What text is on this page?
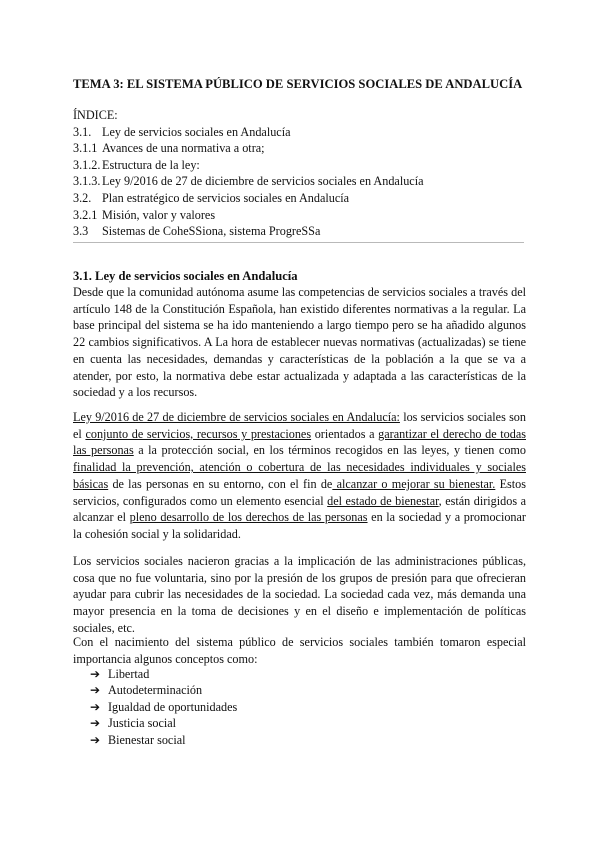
TEMA 3: EL SISTEMA PÚBLICO DE SERVICIOS SOCIALES DE ANDALUCÍA
ÍNDICE:
3.1. Ley de servicios sociales en Andalucía
3.1.1 Avances de una normativa a otra;
3.1.2. Estructura de la ley:
3.1.3. Ley 9/2016 de 27 de diciembre de servicios sociales en Andalucía
3.2. Plan estratégico de servicios sociales en Andalucía
3.2.1 Misión, valor y valores
3.3	Sistemas de CoheSSiona, sistema ProgreSSa
3.1. Ley de servicios sociales en Andalucía
Desde que la comunidad autónoma asume las competencias de servicios sociales a través del artículo 148 de la Constitución Española, han existido diferentes normativas a la regular. La base principal del sistema se ha ido manteniendo a largo tiempo pero se ha añadido algunos 22 cambios significativos. A La hora de establecer nuevas normativas (actualizadas) se tiene en cuenta las necesidades, demandas y características de la población a la que se va a atender, por esto, la normativa debe estar actualizada y adaptada a las características de la sociedad y a los recursos.
Ley 9/2016 de 27 de diciembre de servicios sociales en Andalucía: los servicios sociales son el conjunto de servicios, recursos y prestaciones orientados a garantizar el derecho de todas las personas a la protección social, en los términos recogidos en las leyes, y tienen como finalidad la prevención, atención o cobertura de las necesidades individuales y sociales básicas de las personas en su entorno, con el fin de alcanzar o mejorar su bienestar. Estos servicios, configurados como un elemento esencial del estado de bienestar, están dirigidos a alcanzar el pleno desarrollo de los derechos de las personas en la sociedad y a promocionar la cohesión social y la solidaridad.
Los servicios sociales nacieron gracias a la implicación de las administraciones públicas, cosa que no fue voluntaria, sino por la presión de los grupos de presión para que ofrecieran ayudar para cubrir las necesidades de la sociedad. La sociedad cada vez, más demanda una mayor presencia en la toma de decisiones y en el diseño e implementación de políticas sociales, etc.
Con el nacimiento del sistema público de servicios sociales también tomaron especial importancia algunos conceptos como:
➔ Libertad
➔ Autodeterminación
➔ Igualdad de oportunidades
➔ Justicia social
➔ Bienestar social
